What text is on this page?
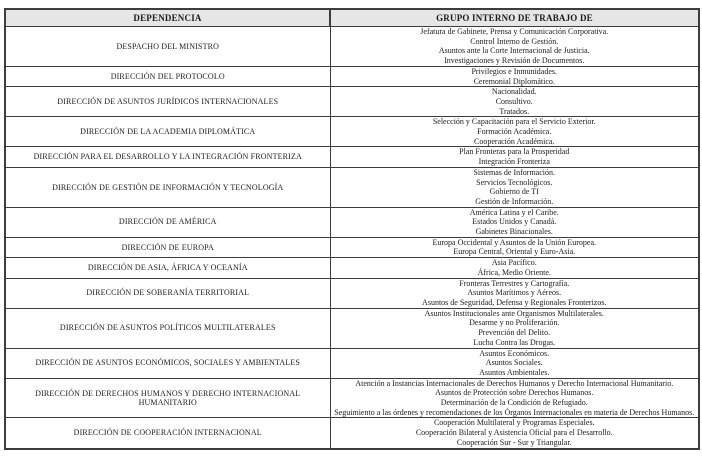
DEPENDENCIA	GRUPO INTERNO DE TRABAJO DE
DESPACHO DEL MINISTRO	Jefatura de Gabinete, Prensa y Comunicación Corporativa.
Control Interno de Gestión.
Asuntos ante la Corte Internacional de Justicia.
Investigaciones y Revisión de Documentos.

DIRECCIÓN DEL PROTOCOLO	Privilegios e Inmunidades.
Ceremonial Diplomático.

DIRECCIÓN DE ASUNTOS JURÍDICOS INTERNACIONALES	Nacionalidad.
Consultivo.
Tratados.

DIRECCIÓN DE LA ACADEMIA DIPLOMÁTICA	Selección y Capacitación para el Servicio Exterior.
Formación Académica.
Cooperación Académica.

DIRECCIÓN PARA EL DESARROLLO Y LA INTEGRACIÓN FRONTERIZA	Plan Fronteras para la Prosperidad
Integración Fronteriza

DIRECCIÓN DE GESTIÓN DE INFORMACIÓN Y TECNOLOGÍA	Sistemas de Información.
Servicios Tecnológicos.
Gobierno de TI
Gestión de Información.

DIRECCIÓN DE AMÉRICA	América Latina y el Caribe.
Estados Unidos y Canadá.
Gabinetes Binacionales.

DIRECCIÓN DE EUROPA	Europa Occidental y Asuntos de la Unión Europea.
Europa Central, Oriental y Euro-Asia.

DIRECCIÓN DE ASIA, ÁFRICA Y OCEANÍA	Asia Pacífico.
África, Medio Oriente.

DIRECCIÓN DE SOBERANÍA TERRITORIAL	Fronteras Terrestres y Cartografía.
Asuntos Marítimos y Aéreos.
Asuntos de Seguridad, Defensa y Regionales Fronterizos.

DIRECCIÓN DE ASUNTOS POLÍTICOS MULTILATERALES	Asuntos Institucionales ante Organismos Multilaterales.
Desarme y no Proliferación.
Prevención del Delito.
Lucha Contra las Drogas.

DIRECCIÓN DE ASUNTOS ECONÓMICOS, SOCIALES Y AMBIENTALES	Asuntos Económicos.
Asuntos Sociales.
Asuntos Ambientales.

DIRECCIÓN DE DERECHOS HUMANOS Y DERECHO INTERNACIONAL HUMANITARIO	Atención a Instancias Internacionales de Derechos Humanos y Derecho Internacional Humanitario.
Asuntos de Protección sobre Derechos Humanos.
Determinación de la Condición de Refugiado.
Seguimiento a las órdenes y recomendaciones de los Órganos Internacionales en materia de Derechos Humanos.

DIRECCIÓN DE COOPERACIÓN INTERNACIONAL	Cooperación Multilateral y Programas Especiales.
Cooperación Bilateral y Asistencia Oficial para el Desarrollo.
Cooperación Sur - Sur y Triangular.
